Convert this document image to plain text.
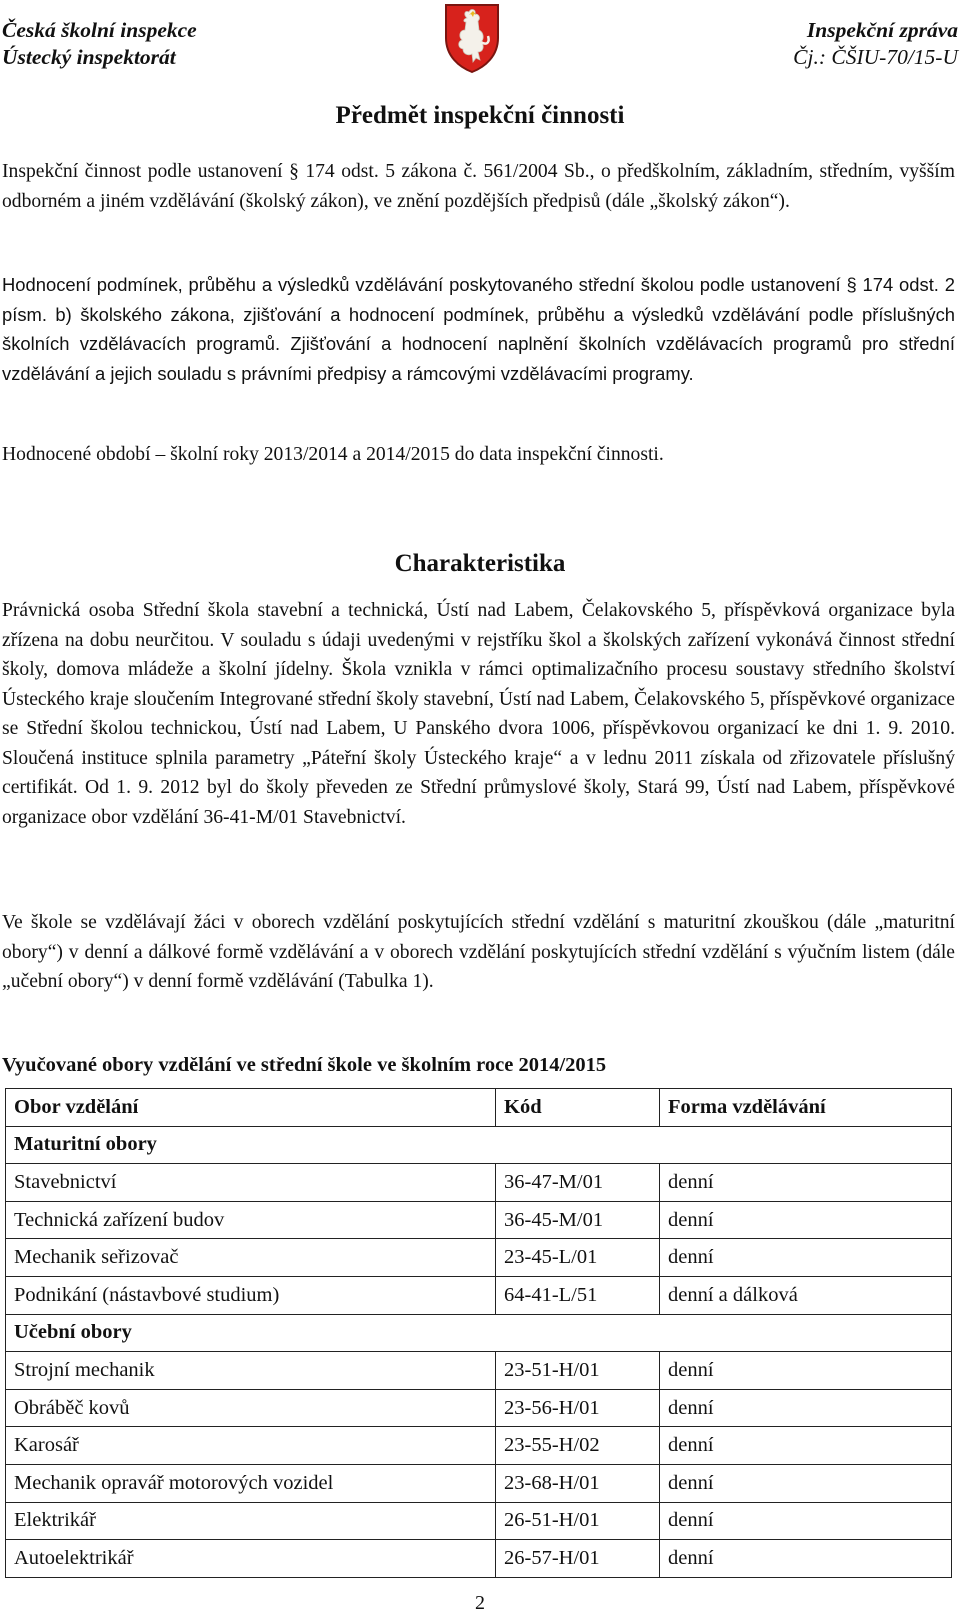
Česká školní inspekce
Ústecký inspektorát
Inspekční zpráva
Čj.: ČŠIU-70/15-U
Předmět inspekční činnosti

Inspekční činnost podle ustanovení § 174 odst. 5 zákona č. 561/2004 Sb., o předškolním, základním, středním, vyšším odborném a jiném vzdělávání (školský zákon), ve znění pozdějších předpisů (dále „školský zákon“).

Hodnocení podmínek, průběhu a výsledků vzdělávání poskytovaného střední školou podle ustanovení § 174 odst. 2 písm. b) školského zákona, zjišťování a hodnocení podmínek, průběhu a výsledků vzdělávání podle příslušných školních vzdělávacích programů. Zjišťování a hodnocení naplnění školních vzdělávacích programů pro střední vzdělávání a jejich souladu s právními předpisy a rámcovými vzdělávacími programy.

Hodnocené období – školní roky 2013/2014 a 2014/2015 do data inspekční činnosti.

Charakteristika

Právnická osoba Střední škola stavební a technická, Ústí nad Labem, Čelakovského 5, příspěvková organizace byla zřízena na dobu neurčitou. V souladu s údaji uvedenými v rejstříku škol a školských zařízení vykonává činnost střední školy, domova mládeže a školní jídelny. Škola vznikla v rámci optimalizačního procesu soustavy středního školství Ústeckého kraje sloučením Integrované střední školy stavební, Ústí nad Labem, Čelakovského 5, příspěvkové organizace se Střední školou technickou, Ústí nad Labem, U Panského dvora 1006, příspěvkovou organizací ke dni 1. 9. 2010. Sloučená instituce splnila parametry „Páteřní školy Ústeckého kraje“ a v lednu 2011 získala od zřizovatele příslušný certifikát. Od 1. 9. 2012 byl do školy převeden ze Střední průmyslové školy, Stará 99, Ústí nad Labem, příspěvkové organizace obor vzdělání 36-41-M/01 Stavebnictví.

Ve škole se vzdělávají žáci v oborech vzdělání poskytujících střední vzdělání s maturitní zkouškou (dále „maturitní obory“) v denní a dálkové formě vzdělávání a v oborech vzdělání poskytujících střední vzdělání s výučním listem (dále „učební obory“) v denní formě vzdělávání (Tabulka 1).

Vyučované obory vzdělání ve střední škole ve školním roce 2014/2015

Obor vzdělání	Kód	Forma vzdělávání
Maturitní obory		
Stavebnictví	36-47-M/01	denní
Technická zařízení budov	36-45-M/01	denní
Mechanik seřizovač	23-45-L/01	denní
Podnikání (nástavbové studium)	64-41-L/51	denní a dálková
Učební obory		
Strojní mechanik	23-51-H/01	denní
Obráběč kovů	23-56-H/01	denní
Karosář	23-55-H/02	denní
Mechanik opravář motorových vozidel	23-68-H/01	denní
Elektrikář	26-51-H/01	denní
Autoelektrikář	26-57-H/01	denní
2
